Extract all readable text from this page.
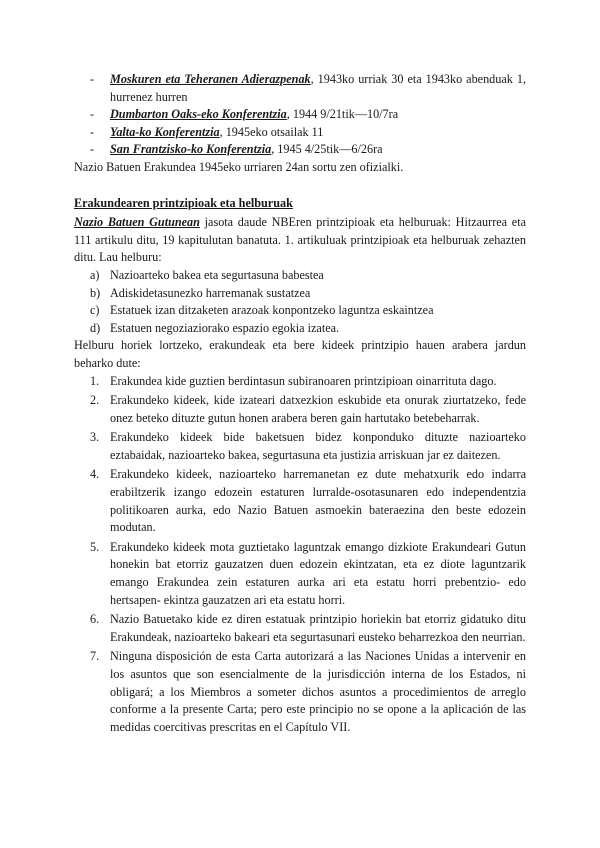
- Moskuren eta Teheranen Adierazpenak, 1943ko urriak 30 eta 1943ko abenduak 1, hurrenez hurren
- Dumbarton Oaks-eko Konferentzia, 1944 9/21tik—10/7ra
- Yalta-ko Konferentzia, 1945eko otsailak 11
- San Frantzisko-ko Konferentzia, 1945 4/25tik—6/26ra

Nazio Batuen Erakundea 1945eko urriaren 24an sortu zen ofizialki.

Erakundearen printzipioak eta helburuak

Nazio Batuen Gutunean jasota daude NBEren printzipioak eta helburuak: Hitzaurrea eta 111 artikulu ditu, 19 kapitulutan banatuta. 1. artikuluak printzipioak eta helburuak zehazten ditu. Lau helburu:

a) Nazioarteko bakea eta segurtasuna babestea
b) Adiskidetasunezko harremanak sustatzea
c) Estatuek izan ditzaketen arazoak konpontzeko laguntza eskaintzea
d) Estatuen negoziaziorako espazio egokia izatea.

Helburu horiek lortzeko, erakundeak eta bere kideek printzipio hauen arabera jardun beharko dute:

1. Erakundea kide guztien berdintasun subiranoaren printzipioan oinarrituta dago.
2. Erakundeko kideek, kide izateari datxezkion eskubide eta onurak ziurtatzeko, fede onez beteko dituzte gutun honen arabera beren gain hartutako betebeharrak.
3. Erakundeko kideek bide baketsuen bidez konponduko dituzte nazioarteko eztabaidak, nazioarteko bakea, segurtasuna eta justizia arriskuan jar ez daitezen.
4. Erakundeko kideek, nazioarteko harremanetan ez dute mehatxurik edo indarra erabiltzerik izango edozein estaturen lurralde-osotasunaren edo independentzia politikoaren aurka, edo Nazio Batuen asmoekin bateraezina den beste edozein modutan.
5. Erakundeko kideek mota guztietako laguntzak emango dizkiote Erakundeari Gutun honekin bat etorriz gauzatzen duen edozein ekintzatan, eta ez diote laguntzarik emango Erakundea zein estaturen aurka ari eta estatu horri prebentzio- edo hertsapen- ekintza gauzatzen ari eta estatu horri.
6. Nazio Batuetako kide ez diren estatuak printzipio horiekin bat etorriz gidatuko ditu Erakundeak, nazioarteko bakeari eta segurtasunari eusteko beharrezkoa den neurrian.
7. Ninguna disposición de esta Carta autorizará a las Naciones Unidas a intervenir en los asuntos que son esencialmente de la jurisdicción interna de los Estados, ni obligará; a los Miembros a someter dichos asuntos a procedimientos de arreglo conforme a la presente Carta; pero este principio no se opone a la aplicación de las medidas coercitivas prescritas en el Capítulo VII.
